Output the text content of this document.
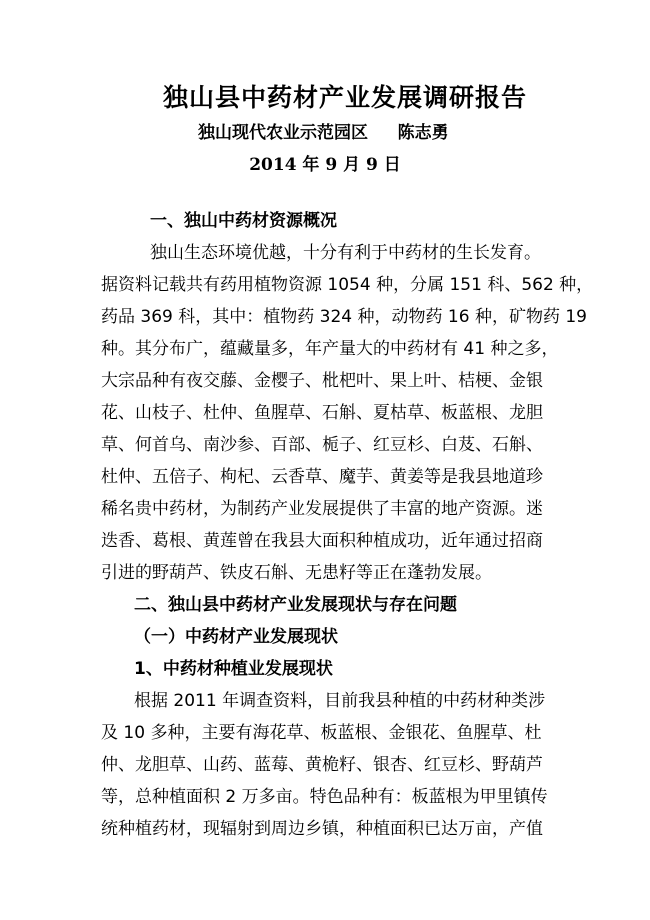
独山县中药材产业发展调研报告
独山现代农业示范园区     陈志勇
2014 年 9 月 9 日
一、独山中药材资源概况
独山生态环境优越，十分有利于中药材的生长发育。
据资料记载共有药用植物资源 1054 种，分属 151 科、562 种，
药品 369 科，其中：植物药 324 种，动物药 16 种，矿物药 19
种。其分布广，蕴藏量多，年产量大的中药材有 41 种之多，
大宗品种有夜交藤、金樱子、枇杷叶、果上叶、桔梗、金银
花、山枝子、杜仲、鱼腥草、石斛、夏枯草、板蓝根、龙胆
草、何首乌、南沙参、百部、栀子、红豆杉、白芨、石斛、
杜仲、五倍子、枸杞、云香草、魔芋、黄姜等是我县地道珍
稀名贵中药材，为制药产业发展提供了丰富的地产资源。迷
迭香、葛根、黄莲曾在我县大面积种植成功，近年通过招商
引进的野葫芦、铁皮石斛、无患籽等正在蓬勃发展。
二、独山县中药材产业发展现状与存在问题
（一）中药材产业发展现状
1、中药材种植业发展现状
根据 2011 年调查资料，目前我县种植的中药材种类涉
及 10 多种，主要有海花草、板蓝根、金银花、鱼腥草、杜
仲、龙胆草、山药、蓝莓、黄桅籽、银杏、红豆杉、野葫芦
等，总种植面积 2 万多亩。特色品种有：板蓝根为甲里镇传
统种植药材，现辐射到周边乡镇，种植面积已达万亩，产值
